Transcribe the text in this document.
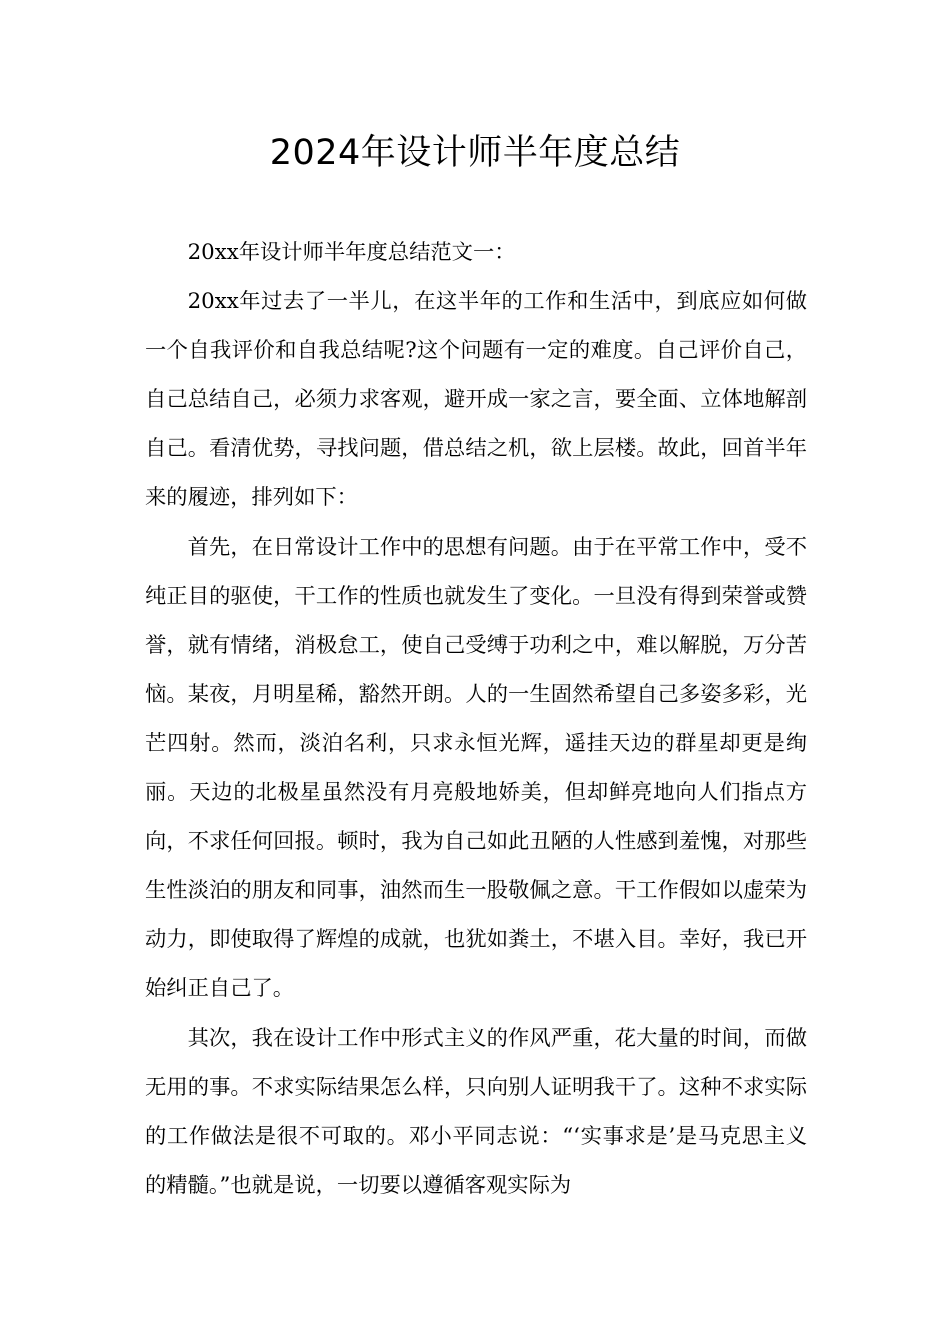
2024年设计师半年度总结

20xx年设计师半年度总结范文一：

20xx年过去了一半儿，在这半年的工作和生活中，到底应如何做一个自我评价和自我总结呢?这个问题有一定的难度。自己评价自己，自己总结自己，必须力求客观，避开成一家之言，要全面、立体地解剖自己。看清优势，寻找问题，借总结之机，欲上层楼。故此，回首半年来的履迹，排列如下：

首先，在日常设计工作中的思想有问题。由于在平常工作中，受不纯正目的驱使，干工作的性质也就发生了变化。一旦没有得到荣誉或赞誉，就有情绪，消极怠工，使自己受缚于功利之中，难以解脱，万分苦恼。某夜，月明星稀，豁然开朗。人的一生固然希望自己多姿多彩，光芒四射。然而，淡泊名利，只求永恒光辉，遥挂天边的群星却更是绚丽。天边的北极星虽然没有月亮般地娇美，但却鲜亮地向人们指点方向，不求任何回报。顿时，我为自己如此丑陋的人性感到羞愧，对那些生性淡泊的朋友和同事，油然而生一股敬佩之意。干工作假如以虚荣为动力，即使取得了辉煌的成就，也犹如粪土，不堪入目。幸好，我已开始纠正自己了。

其次，我在设计工作中形式主义的作风严重，花大量的时间，而做无用的事。不求实际结果怎么样，只向别人证明我干了。这种不求实际的工作做法是很不可取的。邓小平同志说：“‘实事求是’是马克思主义的精髓。”也就是说，一切要以遵循客观实际为
